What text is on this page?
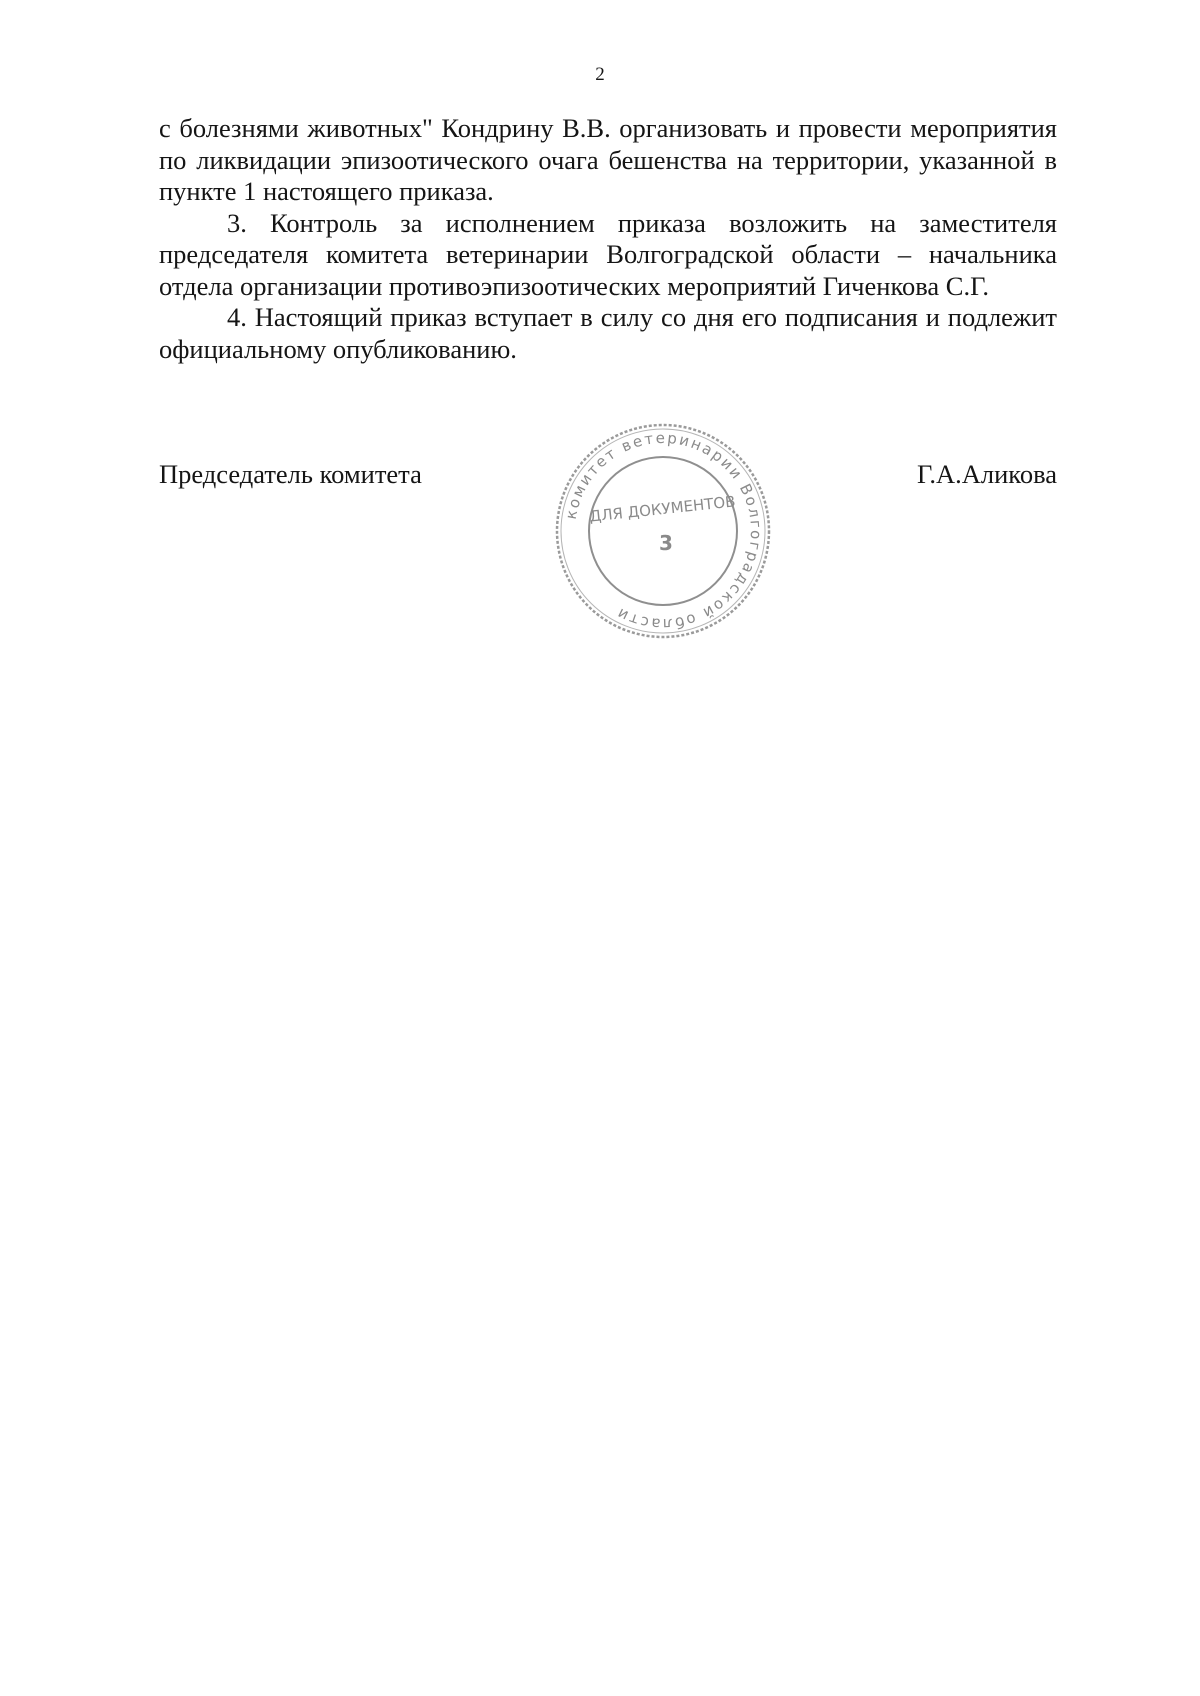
2

с болезнями животных" Кондрину В.В. организовать и провести мероприятия по ликвидации эпизоотического очага бешенства на территории, указанной в пункте 1 настоящего приказа.

3. Контроль за исполнением приказа возложить на заместителя председателя комитета ветеринарии Волгоградской области – начальника отдела организации противоэпизоотических мероприятий Гиченкова С.Г.

4. Настоящий приказ вступает в силу со дня его подписания и подлежит официальному опубликованию.

Председатель комитета	Г.А.Аликова
комитет ветеринарии Волгоградской области
ДЛЯ ДОКУМЕНТОВ
3
